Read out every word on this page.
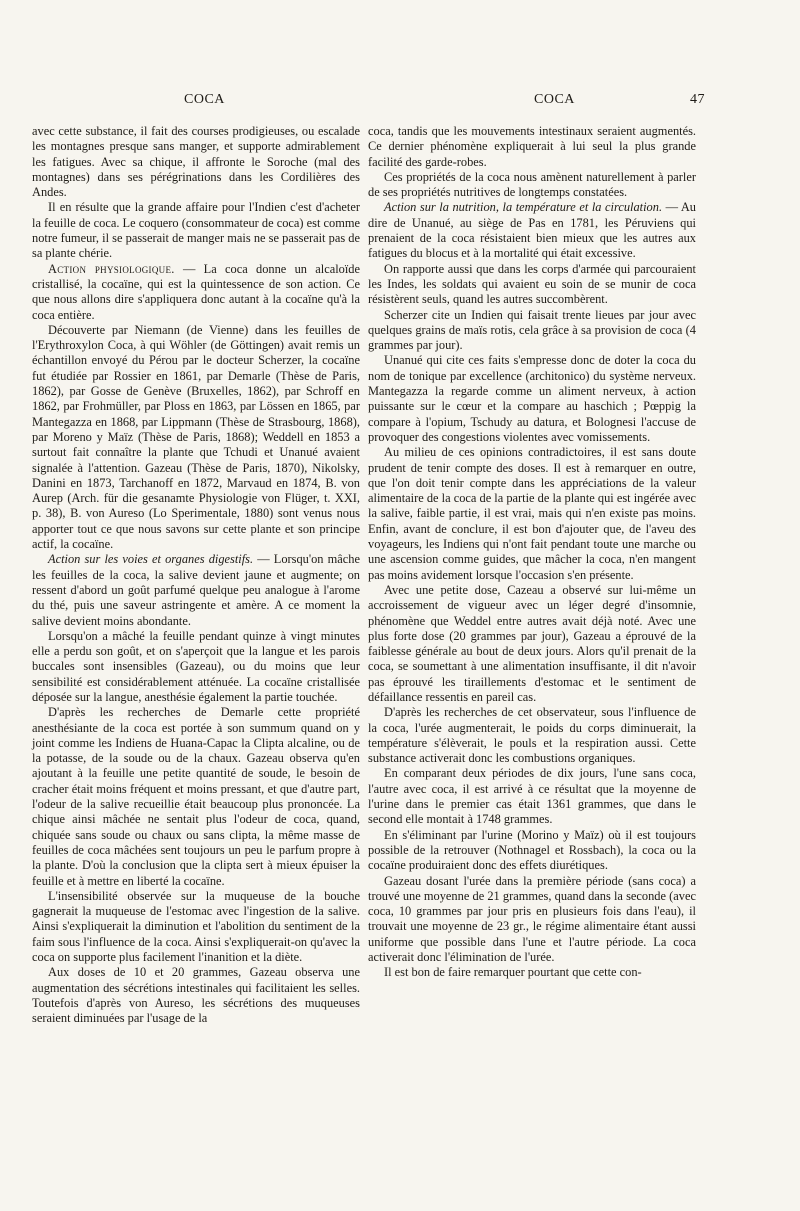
COCA	COCA	47

avec cette substance, il fait des courses prodigieuses, ou escalade les montagnes presque sans manger, et supporte admirablement les fatigues. Avec sa chique, il affronte le Soroche (mal des montagnes) dans ses pérégrinations dans les Cordilières des Andes.

Il en résulte que la grande affaire pour l'Indien c'est d'acheter la feuille de coca. Le coquero (consommateur de coca) est comme notre fumeur, il se passerait de manger mais ne se passerait pas de sa plante chérie.

Action physiologique. — La coca donne un alcaloïde cristallisé, la cocaïne, qui est la quintessence de son action. Ce que nous allons dire s'appliquera donc autant à la cocaïne qu'à la coca entière.

Découverte par Niemann (de Vienne) dans les feuilles de l'Erythroxylon Coca, à qui Wöhler (de Göttingen) avait remis un échantillon envoyé du Pérou par le docteur Scherzer, la cocaïne fut étudiée par Rossier en 1861, par Demarle (Thèse de Paris, 1862), par Gosse de Genève (Bruxelles, 1862), par Schroff en 1862, par Frohmüller, par Ploss en 1863, par Lössen en 1865, par Mantegazza en 1868, par Lippmann (Thèse de Strasbourg, 1868), par Moreno y Maïz (Thèse de Paris, 1868); Weddell en 1853 a surtout fait connaître la plante que Tchudi et Unanué avaient signalée à l'attention. Gazeau (Thèse de Paris, 1870), Nikolsky, Danini en 1873, Tarchanoff en 1872, Marvaud en 1874, B. von Aurep (Arch. für die gesanamte Physiologie von Flüger, t. XXI, p. 38), B. von Aureso (Lo Sperimentale, 1880) sont venus nous apporter tout ce que nous savons sur cette plante et son principe actif, la cocaïne.

Action sur les voies et organes digestifs. — Lorsqu'on mâche les feuilles de la coca, la salive devient jaune et augmente; on ressent d'abord un goût parfumé quelque peu analogue à l'arome du thé, puis une saveur astringente et amère. A ce moment la salive devient moins abondante.

Lorsqu'on a mâché la feuille pendant quinze à vingt minutes elle a perdu son goût, et on s'aperçoit que la langue et les parois buccales sont insensibles (Gazeau), ou du moins que leur sensibilité est considérablement atténuée. La cocaïne cristallisée déposée sur la langue, anesthésie également la partie touchée.

D'après les recherches de Demarle cette propriété anesthésiante de la coca est portée à son summum quand on y joint comme les Indiens de Huana-Capac la Clipta alcaline, ou de la potasse, de la soude ou de la chaux. Gazeau observa qu'en ajoutant à la feuille une petite quantité de soude, le besoin de cracher était moins fréquent et moins pressant, et que d'autre part, l'odeur de la salive recueillie était beaucoup plus prononcée. La chique ainsi mâchée ne sentait plus l'odeur de coca, quand, chiquée sans soude ou chaux ou sans clipta, la même masse de feuilles de coca mâchées sent toujours un peu le parfum propre à la plante. D'où la conclusion que la clipta sert à mieux épuiser la feuille et à mettre en liberté la cocaïne.

L'insensibilité observée sur la muqueuse de la bouche gagnerait la muqueuse de l'estomac avec l'ingestion de la salive. Ainsi s'expliquerait la diminution et l'abolition du sentiment de la faim sous l'influence de la coca. Ainsi s'expliquerait-on qu'avec la coca on supporte plus facilement l'inanition et la diète.

Aux doses de 10 et 20 grammes, Gazeau observa une augmentation des sécrétions intestinales qui facilitaient les selles. Toutefois d'après von Aureso, les sécrétions des muqueuses seraient diminuées par l'usage de la

coca, tandis que les mouvements intestinaux seraient augmentés. Ce dernier phénomène expliquerait à lui seul la plus grande facilité des garde-robes.

Ces propriétés de la coca nous amènent naturellement à parler de ses propriétés nutritives de longtemps constatées.

Action sur la nutrition, la température et la circulation. — Au dire de Unanué, au siège de Pas en 1781, les Péruviens qui prenaient de la coca résistaient bien mieux que les autres aux fatigues du blocus et à la mortalité qui était excessive.

On rapporte aussi que dans les corps d'armée qui parcouraient les Indes, les soldats qui avaient eu soin de se munir de coca résistèrent seuls, quand les autres succombèrent.

Scherzer cite un Indien qui faisait trente lieues par jour avec quelques grains de maïs rotis, cela grâce à sa provision de coca (4 grammes par jour).

Unanué qui cite ces faits s'empresse donc de doter la coca du nom de tonique par excellence (architonico) du système nerveux. Mantegazza la regarde comme un aliment nerveux, à action puissante sur le cœur et la compare au haschich ; Pœppig la compare à l'opium, Tschudy au datura, et Bolognesi l'accuse de provoquer des congestions violentes avec vomissements.

Au milieu de ces opinions contradictoires, il est sans doute prudent de tenir compte des doses. Il est à remarquer en outre, que l'on doit tenir compte dans les appréciations de la valeur alimentaire de la coca de la partie de la plante qui est ingérée avec la salive, faible partie, il est vrai, mais qui n'en existe pas moins. Enfin, avant de conclure, il est bon d'ajouter que, de l'aveu des voyageurs, les Indiens qui n'ont fait pendant toute une marche ou une ascension comme guides, que mâcher la coca, n'en mangent pas moins avidement lorsque l'occasion s'en présente.

Avec une petite dose, Cazeau a observé sur lui-même un accroissement de vigueur avec un léger degré d'insomnie, phénomène que Weddel entre autres avait déjà noté. Avec une plus forte dose (20 grammes par jour), Gazeau a éprouvé de la faiblesse générale au bout de deux jours. Alors qu'il prenait de la coca, se soumettant à une alimentation insuffisante, il dit n'avoir pas éprouvé les tiraillements d'estomac et le sentiment de défaillance ressentis en pareil cas.

D'après les recherches de cet observateur, sous l'influence de la coca, l'urée augmenterait, le poids du corps diminuerait, la température s'élèverait, le pouls et la respiration aussi. Cette substance activerait donc les combustions organiques.

En comparant deux périodes de dix jours, l'une sans coca, l'autre avec coca, il est arrivé à ce résultat que la moyenne de l'urine dans le premier cas était 1361 grammes, que dans le second elle montait à 1748 grammes.

En s'éliminant par l'urine (Morino y Maïz) où il est toujours possible de la retrouver (Nothnagel et Rossbach), la coca ou la cocaïne produiraient donc des effets diurétiques.

Gazeau dosant l'urée dans la première période (sans coca) a trouvé une moyenne de 21 grammes, quand dans la seconde (avec coca, 10 grammes par jour pris en plusieurs fois dans l'eau), il trouvait une moyenne de 23 gr., le régime alimentaire étant aussi uniforme que possible dans l'une et l'autre période. La coca activerait donc l'élimination de l'urée.

Il est bon de faire remarquer pourtant que cette con-
